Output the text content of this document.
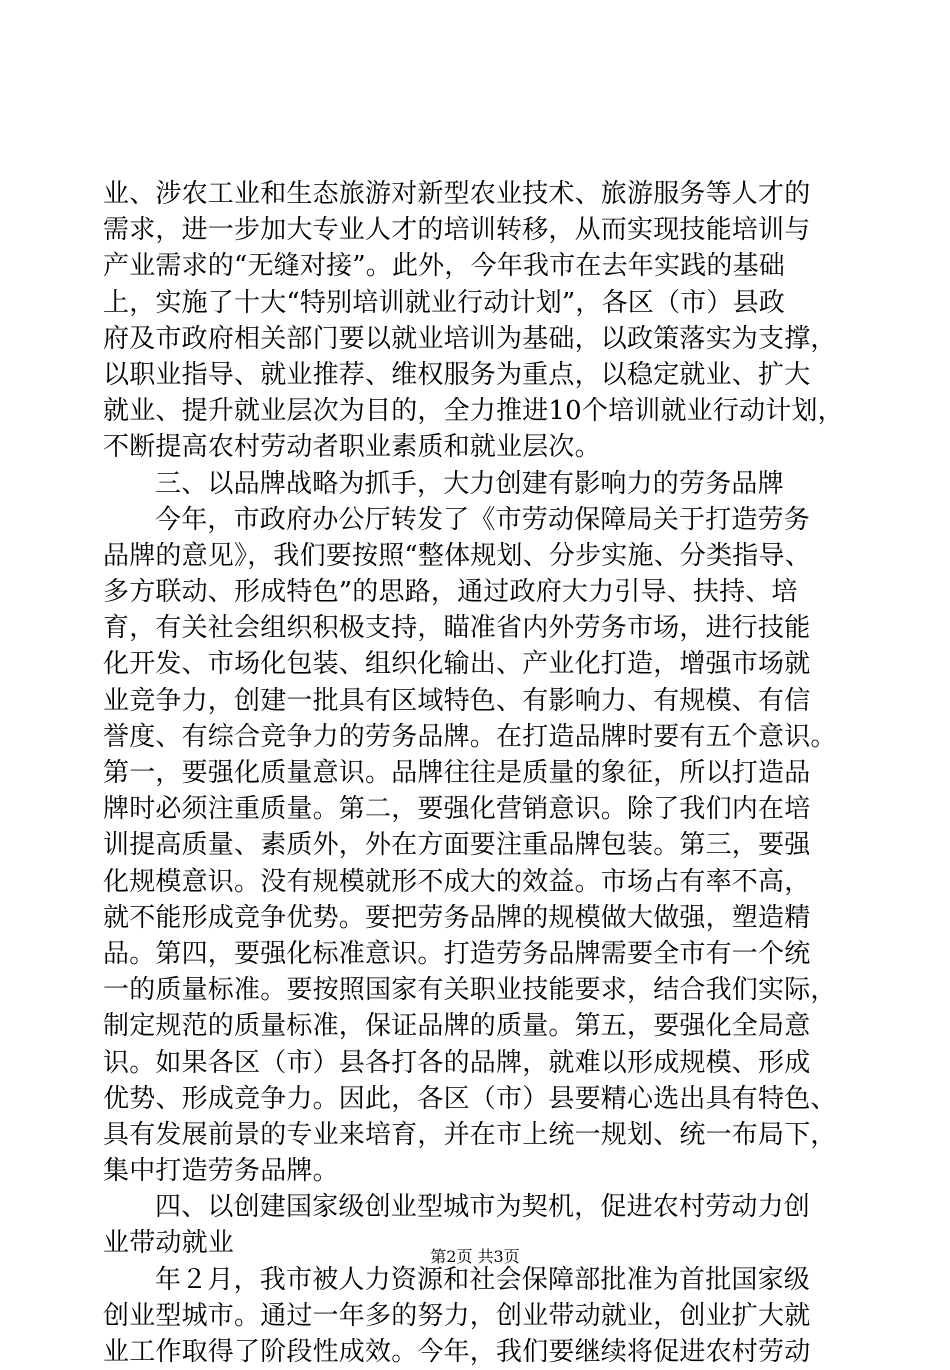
业、涉农工业和生态旅游对新型农业技术、旅游服务等人才的
需求，进一步加大专业人才的培训转移，从而实现技能培训与
产业需求的“无缝对接”。此外，今年我市在去年实践的基础
上，实施了十大“特别培训就业行动计划”，各区（市）县政
府及市政府相关部门要以就业培训为基础，以政策落实为支撑，
以职业指导、就业推荐、维权服务为重点，以稳定就业、扩大
就业、提升就业层次为目的，全力推进10个培训就业行动计划，
不断提高农村劳动者职业素质和就业层次。
三、以品牌战略为抓手，大力创建有影响力的劳务品牌
今年，市政府办公厅转发了《市劳动保障局关于打造劳务
品牌的意见》，我们要按照“整体规划、分步实施、分类指导、
多方联动、形成特色”的思路，通过政府大力引导、扶持、培
育，有关社会组织积极支持，瞄准省内外劳务市场，进行技能
化开发、市场化包装、组织化输出、产业化打造，增强市场就
业竞争力，创建一批具有区域特色、有影响力、有规模、有信
誉度、有综合竞争力的劳务品牌。在打造品牌时要有五个意识。
第一，要强化质量意识。品牌往往是质量的象征，所以打造品
牌时必须注重质量。第二，要强化营销意识。除了我们内在培
训提高质量、素质外，外在方面要注重品牌包装。第三，要强
化规模意识。没有规模就形不成大的效益。市场占有率不高，
就不能形成竞争优势。要把劳务品牌的规模做大做强，塑造精
品。第四，要强化标准意识。打造劳务品牌需要全市有一个统
一的质量标准。要按照国家有关职业技能要求，结合我们实际，
制定规范的质量标准，保证品牌的质量。第五，要强化全局意
识。如果各区（市）县各打各的品牌，就难以形成规模、形成
优势、形成竞争力。因此，各区（市）县要精心选出具有特色、
具有发展前景的专业来培育，并在市上统一规划、统一布局下，
集中打造劳务品牌。
四、以创建国家级创业型城市为契机，促进农村劳动力创
业带动就业
年２月，我市被人力资源和社会保障部批准为首批国家级
创业型城市。通过一年多的努力，创业带动就业，创业扩大就
业工作取得了阶段性成效。今年，我们要继续将促进农村劳动
第2页 共3页
